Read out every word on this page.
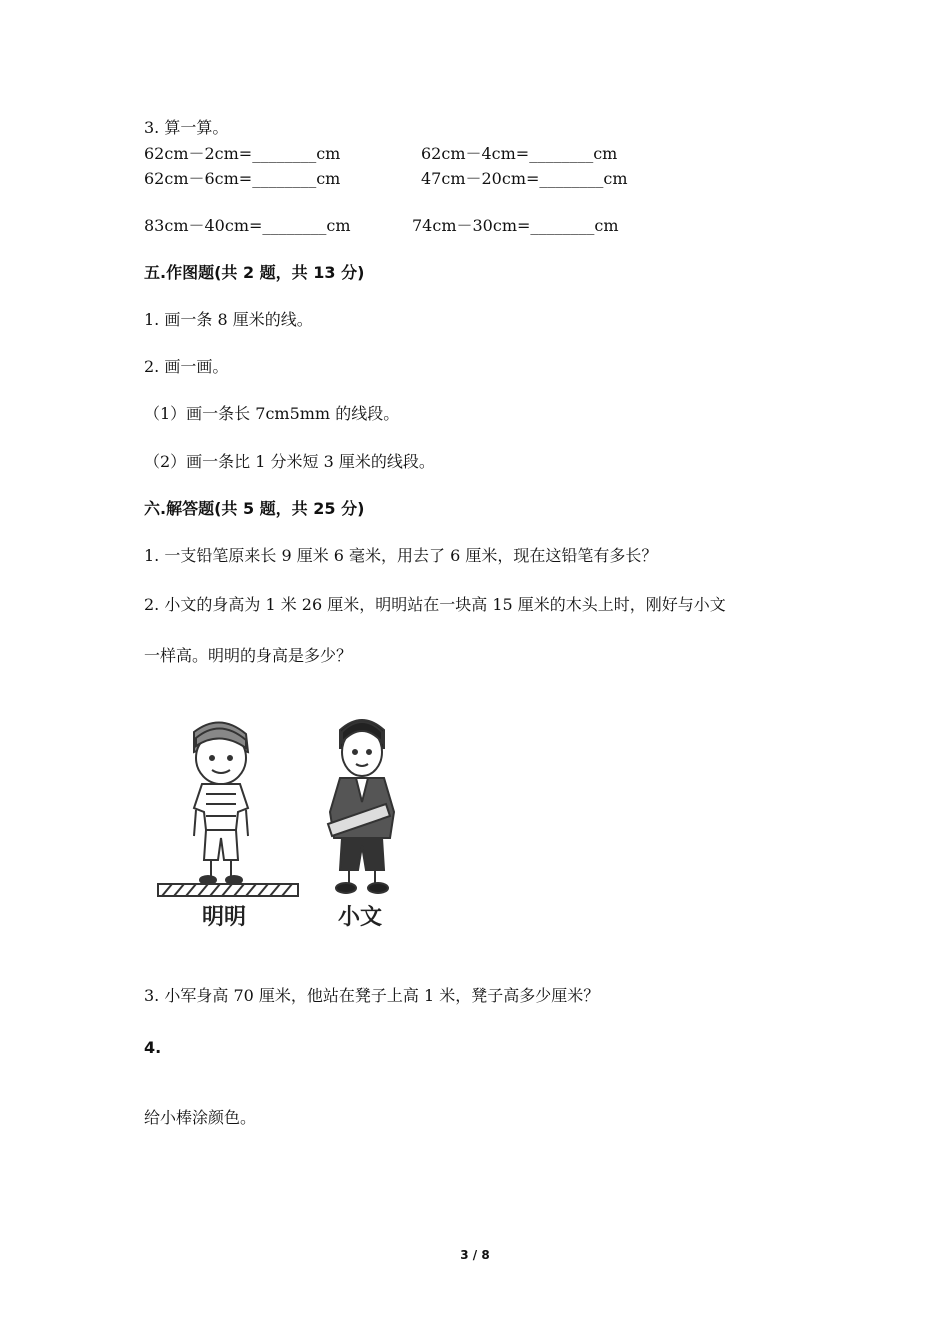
3. 算一算。
62cm－2cm=________cm	62cm－4cm=________cm
62cm－6cm=________cm	47cm－20cm=________cm
83cm－40cm=________cm	74cm－30cm=________cm
五.作图题(共 2 题，共 13 分)
1. 画一条 8 厘米的线。
2. 画一画。
（1）画一条长 7cm5mm 的线段。
（2）画一条比 1 分米短 3 厘米的线段。
六.解答题(共 5 题，共 25 分)
1. 一支铅笔原来长 9 厘米 6 毫米，用去了 6 厘米，现在这铅笔有多长？
2. 小文的身高为 1 米 26 厘米，明明站在一块高 15 厘米的木头上时，刚好与小文
一样高。明明的身高是多少？
明明	小文
3. 小军身高 70 厘米，他站在凳子上高 1 米，凳子高多少厘米？
4.
给小棒涂颜色。
3 / 8
